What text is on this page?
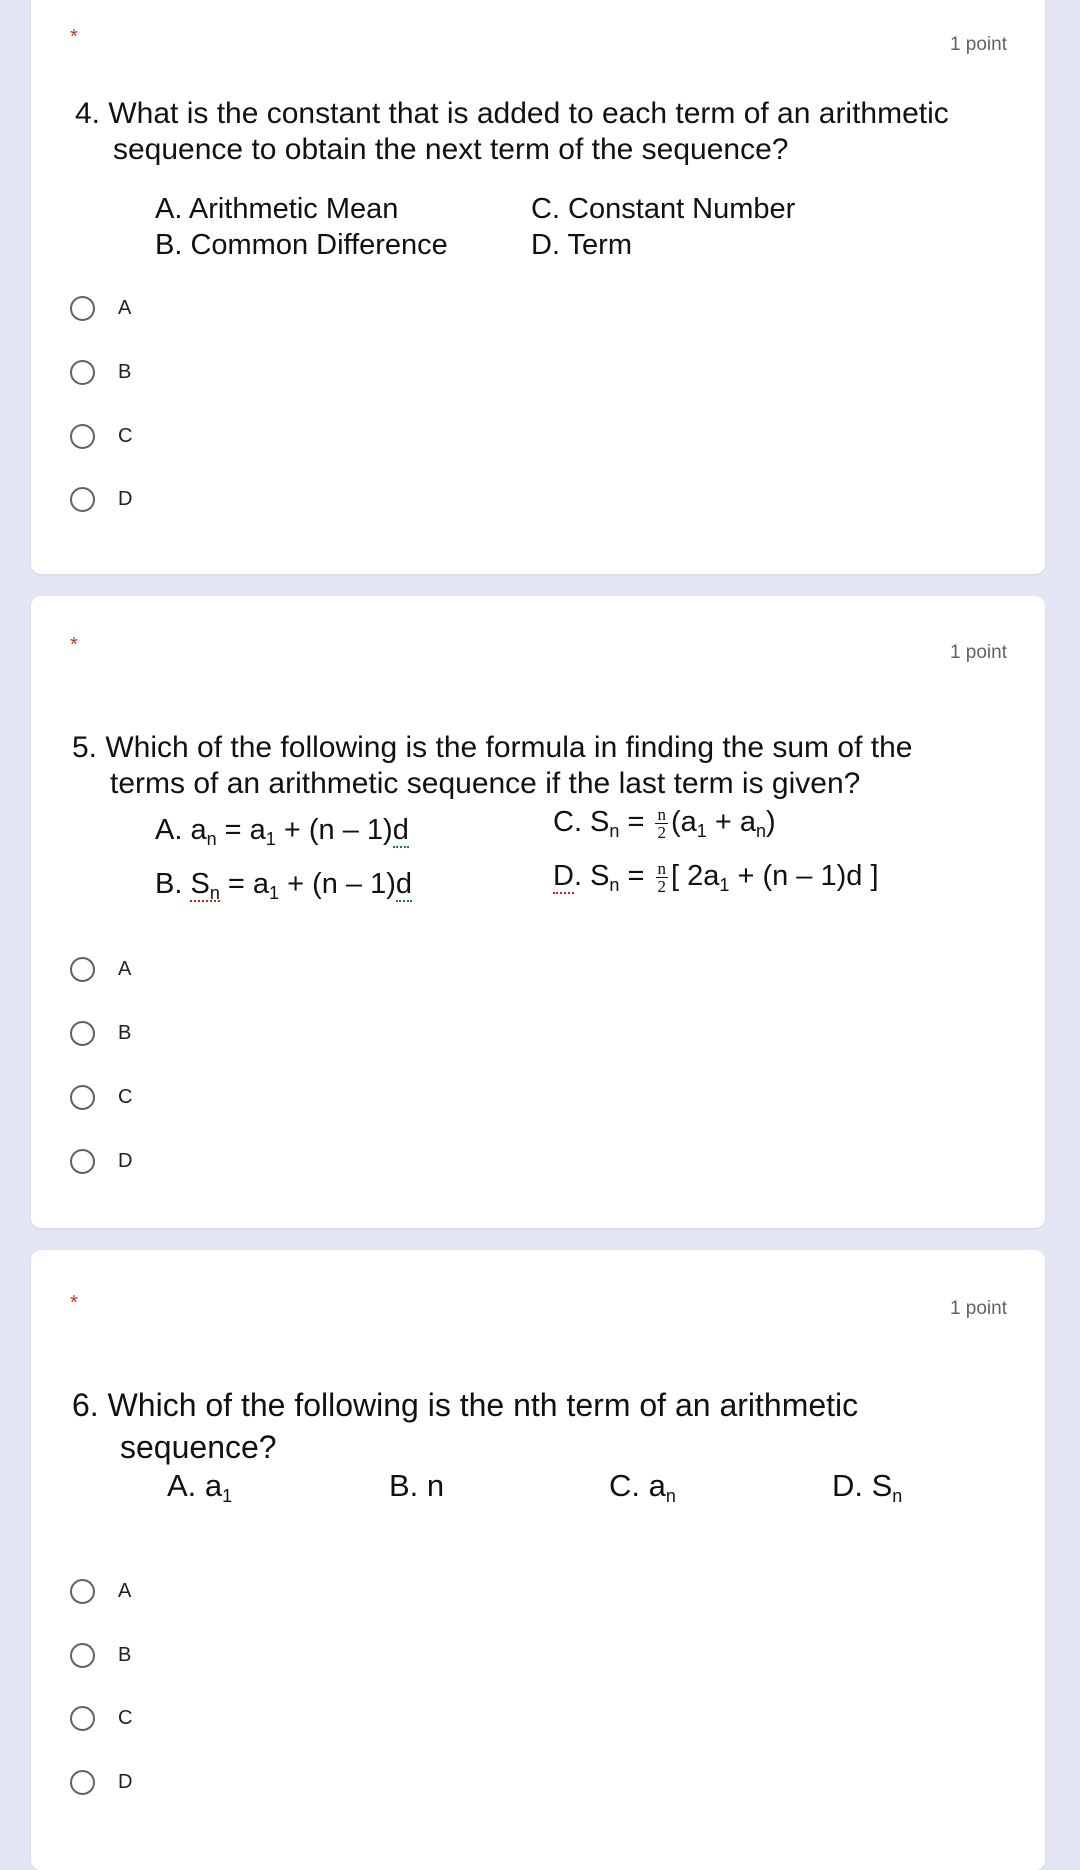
*	1 point
4. What is the constant that is added to each term of an arithmetic
sequence to obtain the next term of the sequence?
A. Arithmetic Mean	C. Constant Number
B. Common Difference	D. Term
A
B
C
D
*	1 point
5. Which of the following is the formula in finding the sum of the
terms of an arithmetic sequence if the last term is given?
A. $a_n = a_1 + (n - 1)d$	C. $S_n = \frac{n}{2} (a_1 + a_n)$
B. $S_n = a_1 + (n - 1)d$	D. $S_n = \frac{n}{2}$ [ $2a_1 + (n - 1)d$ ]
A
B
C
D
*	1 point
6. Which of the following is the nth term of an arithmetic
sequence?
A. $a_1$	B. n	C. $a_n$	D. $S_n$
A
B
C
D
